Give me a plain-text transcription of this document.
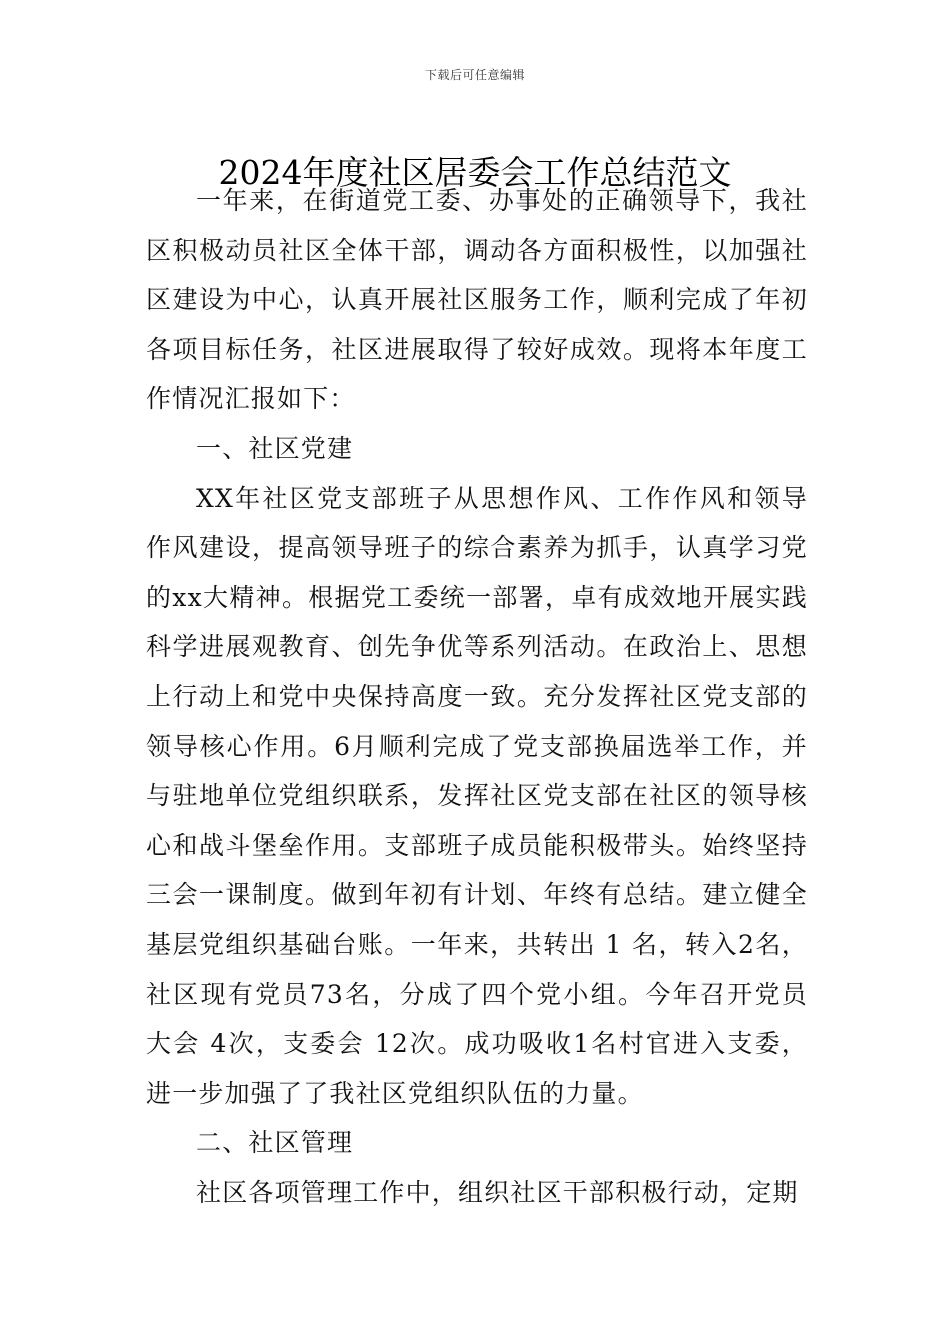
下载后可任意编辑
2024年度社区居委会工作总结范文

一年来，在街道党工委、办事处的正确领导下，我社区积极动员社区全体干部，调动各方面积极性，以加强社区建设为中心，认真开展社区服务工作，顺利完成了年初各项目标任务，社区进展取得了较好成效。现将本年度工作情况汇报如下：

一、社区党建

XX年社区党支部班子从思想作风、工作作风和领导作风建设，提高领导班子的综合素养为抓手，认真学习党的xx大精神。根据党工委统一部署，卓有成效地开展实践科学进展观教育、创先争优等系列活动。在政治上、思想上行动上和党中央保持高度一致。充分发挥社区党支部的领导核心作用。6月顺利完成了党支部换届选举工作，并与驻地单位党组织联系，发挥社区党支部在社区的领导核心和战斗堡垒作用。支部班子成员能积极带头。始终坚持三会一课制度。做到年初有计划、年终有总结。建立健全基层党组织基础台账。一年来，共转出 1 名，转入2名，社区现有党员73名，分成了四个党小组。今年召开党员大会 4次，支委会 12次。成功吸收1名村官进入支委，进一步加强了了我社区党组织队伍的力量。

二、社区管理

社区各项管理工作中，组织社区干部积极行动，定期
